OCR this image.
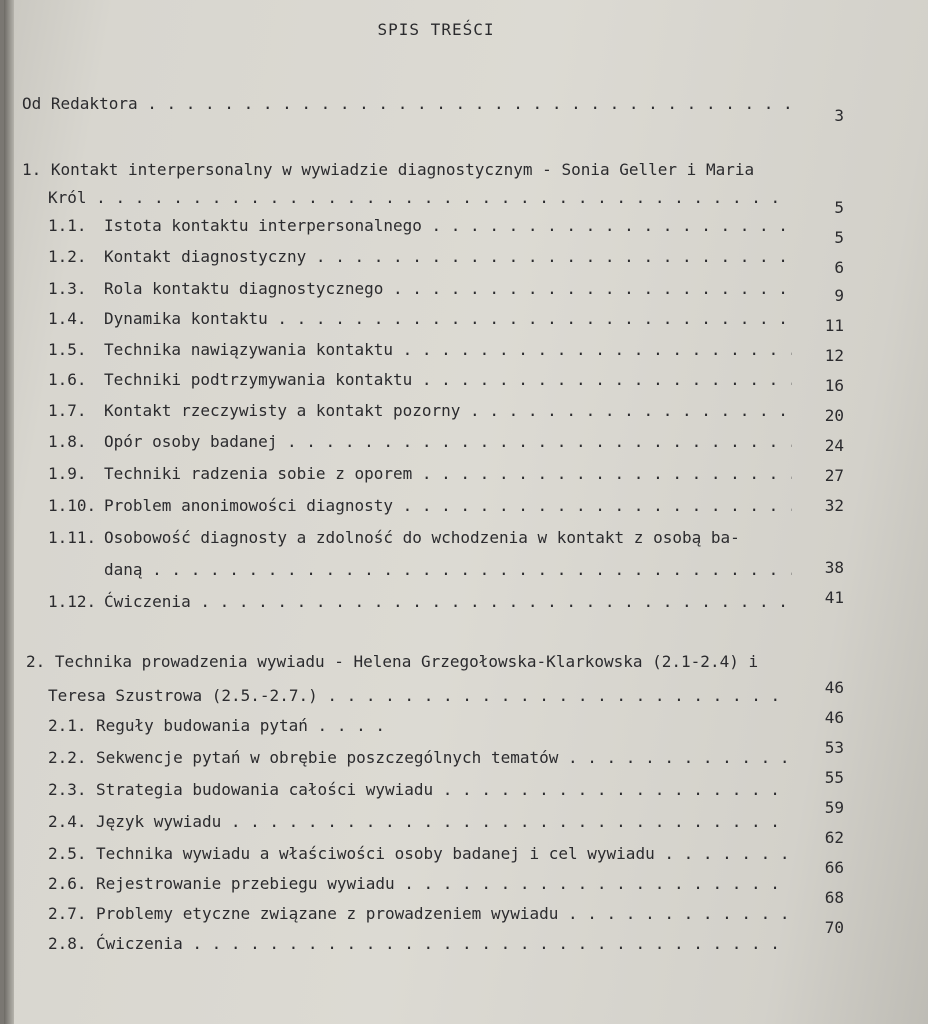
SPIS TREŚCI
Od Redaktora . . .
3
1. Kontakt interpersonalny w wywiadzie diagnostycznym - Sonia Geller i Maria
Król . . .
5
1.1. Istota kontaktu interpersonalnego . . .
5
1.2. Kontakt diagnostyczny . . .
6
1.3. Rola kontaktu diagnostycznego . . .	9
1.4. Dynamika kontaktu . . .	11
1.5. Technika nawiązywania kontaktu . . .	12
1.6. Techniki podtrzymywania kontaktu . . .	16
1.7. Kontakt rzeczywisty a kontakt pozorny . . .	20
1.8. Opór osoby badanej . . .	24
1.9. Techniki radzenia sobie z oporem . . .	27
1.10. Problem anonimowości diagnosty . . .	32
1.11. Osobowość diagnosty a zdolność do wchodzenia w kontakt z osobą ba-
daną . . .	38
1.12. Ćwiczenia . . .	41
2. Technika prowadzenia wywiadu - Helena Grzegołowska-Klarkowska (2.1-2.4) i
Teresa Szustrowa (2.5.-2.7.) . . .	46
2.1. Reguły budowania pytań . . .	46
2.2. Sekwencje pytań w obrębie poszczególnych tematów . . .
53
2.3. Strategia budowania całości wywiadu . . .
55
2.4. Język wywiadu . . .
59
2.5. Technika wywiadu a właściwości osoby badanej i cel wywiadu . . .
62
2.6. Rejestrowanie przebiegu wywiadu . . .
66
2.7. Problemy etyczne związane z prowadzeniem wywiadu . . .
68
2.8. Ćwiczenia . . .
70
